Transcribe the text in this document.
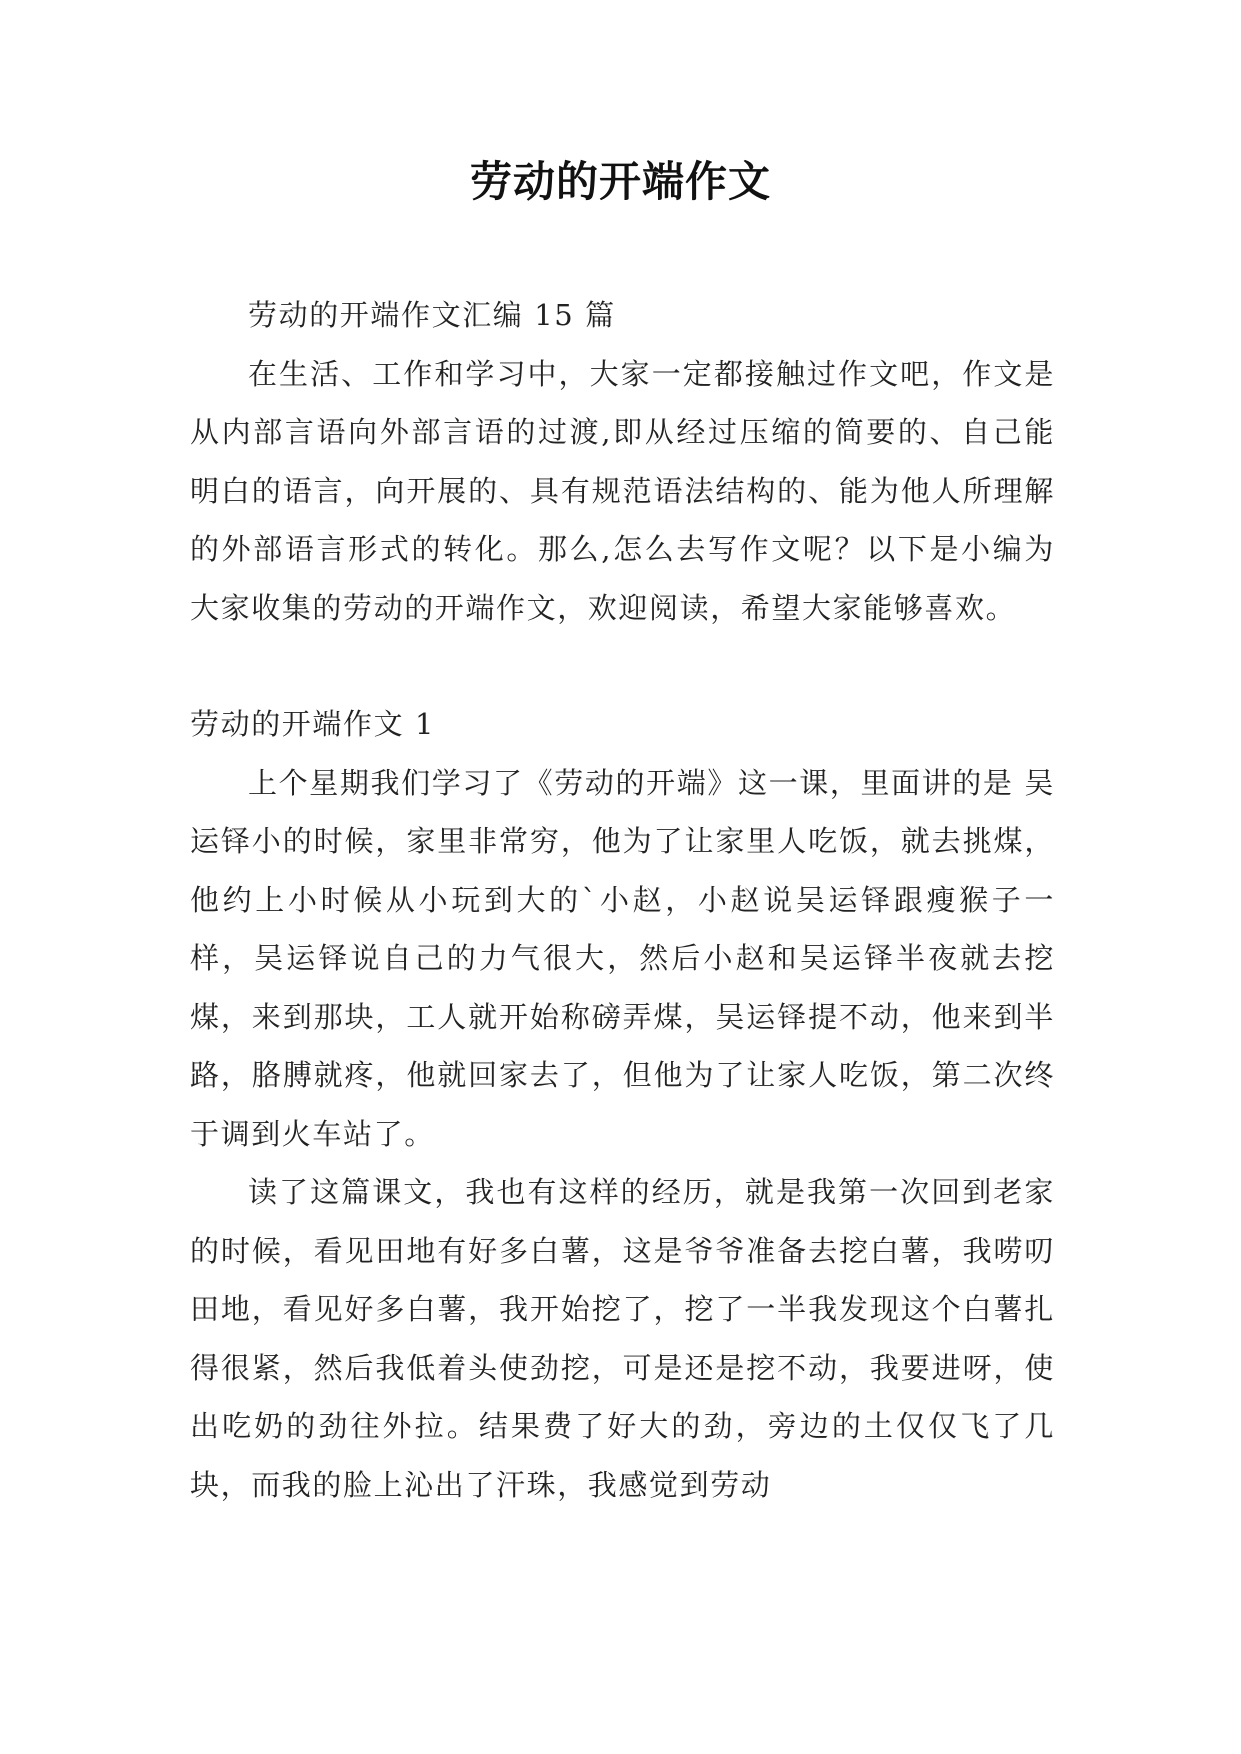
劳动的开端作文

劳动的开端作文汇编 15 篇

在生活、工作和学习中，大家一定都接触过作文吧，作文是从内部言语向外部言语的过渡,即从经过压缩的简要的、自己能明白的语言，向开展的、具有规范语法结构的、能为他人所理解的外部语言形式的转化。那么,怎么去写作文呢？以下是小编为大家收集的劳动的开端作文，欢迎阅读，希望大家能够喜欢。

劳动的开端作文 1

上个星期我们学习了《劳动的开端》这一课，里面讲的是 吴运铎小的时候，家里非常穷，他为了让家里人吃饭，就去挑煤，他约上小时候从小玩到大的`小赵，小赵说吴运铎跟瘦猴子一样，吴运铎说自己的力气很大，然后小赵和吴运铎半夜就去挖煤，来到那块，工人就开始称磅弄煤，吴运铎提不动，他来到半路，胳膊就疼，他就回家去了，但他为了让家人吃饭，第二次终于调到火车站了。

读了这篇课文，我也有这样的经历，就是我第一次回到老家的时候，看见田地有好多白薯，这是爷爷准备去挖白薯，我唠叨田地，看见好多白薯，我开始挖了，挖了一半我发现这个白薯扎得很紧，然后我低着头使劲挖，可是还是挖不动，我要进呀，使出吃奶的劲往外拉。结果费了好大的劲，旁边的土仅仅飞了几块，而我的脸上沁出了汗珠，我感觉到劳动
